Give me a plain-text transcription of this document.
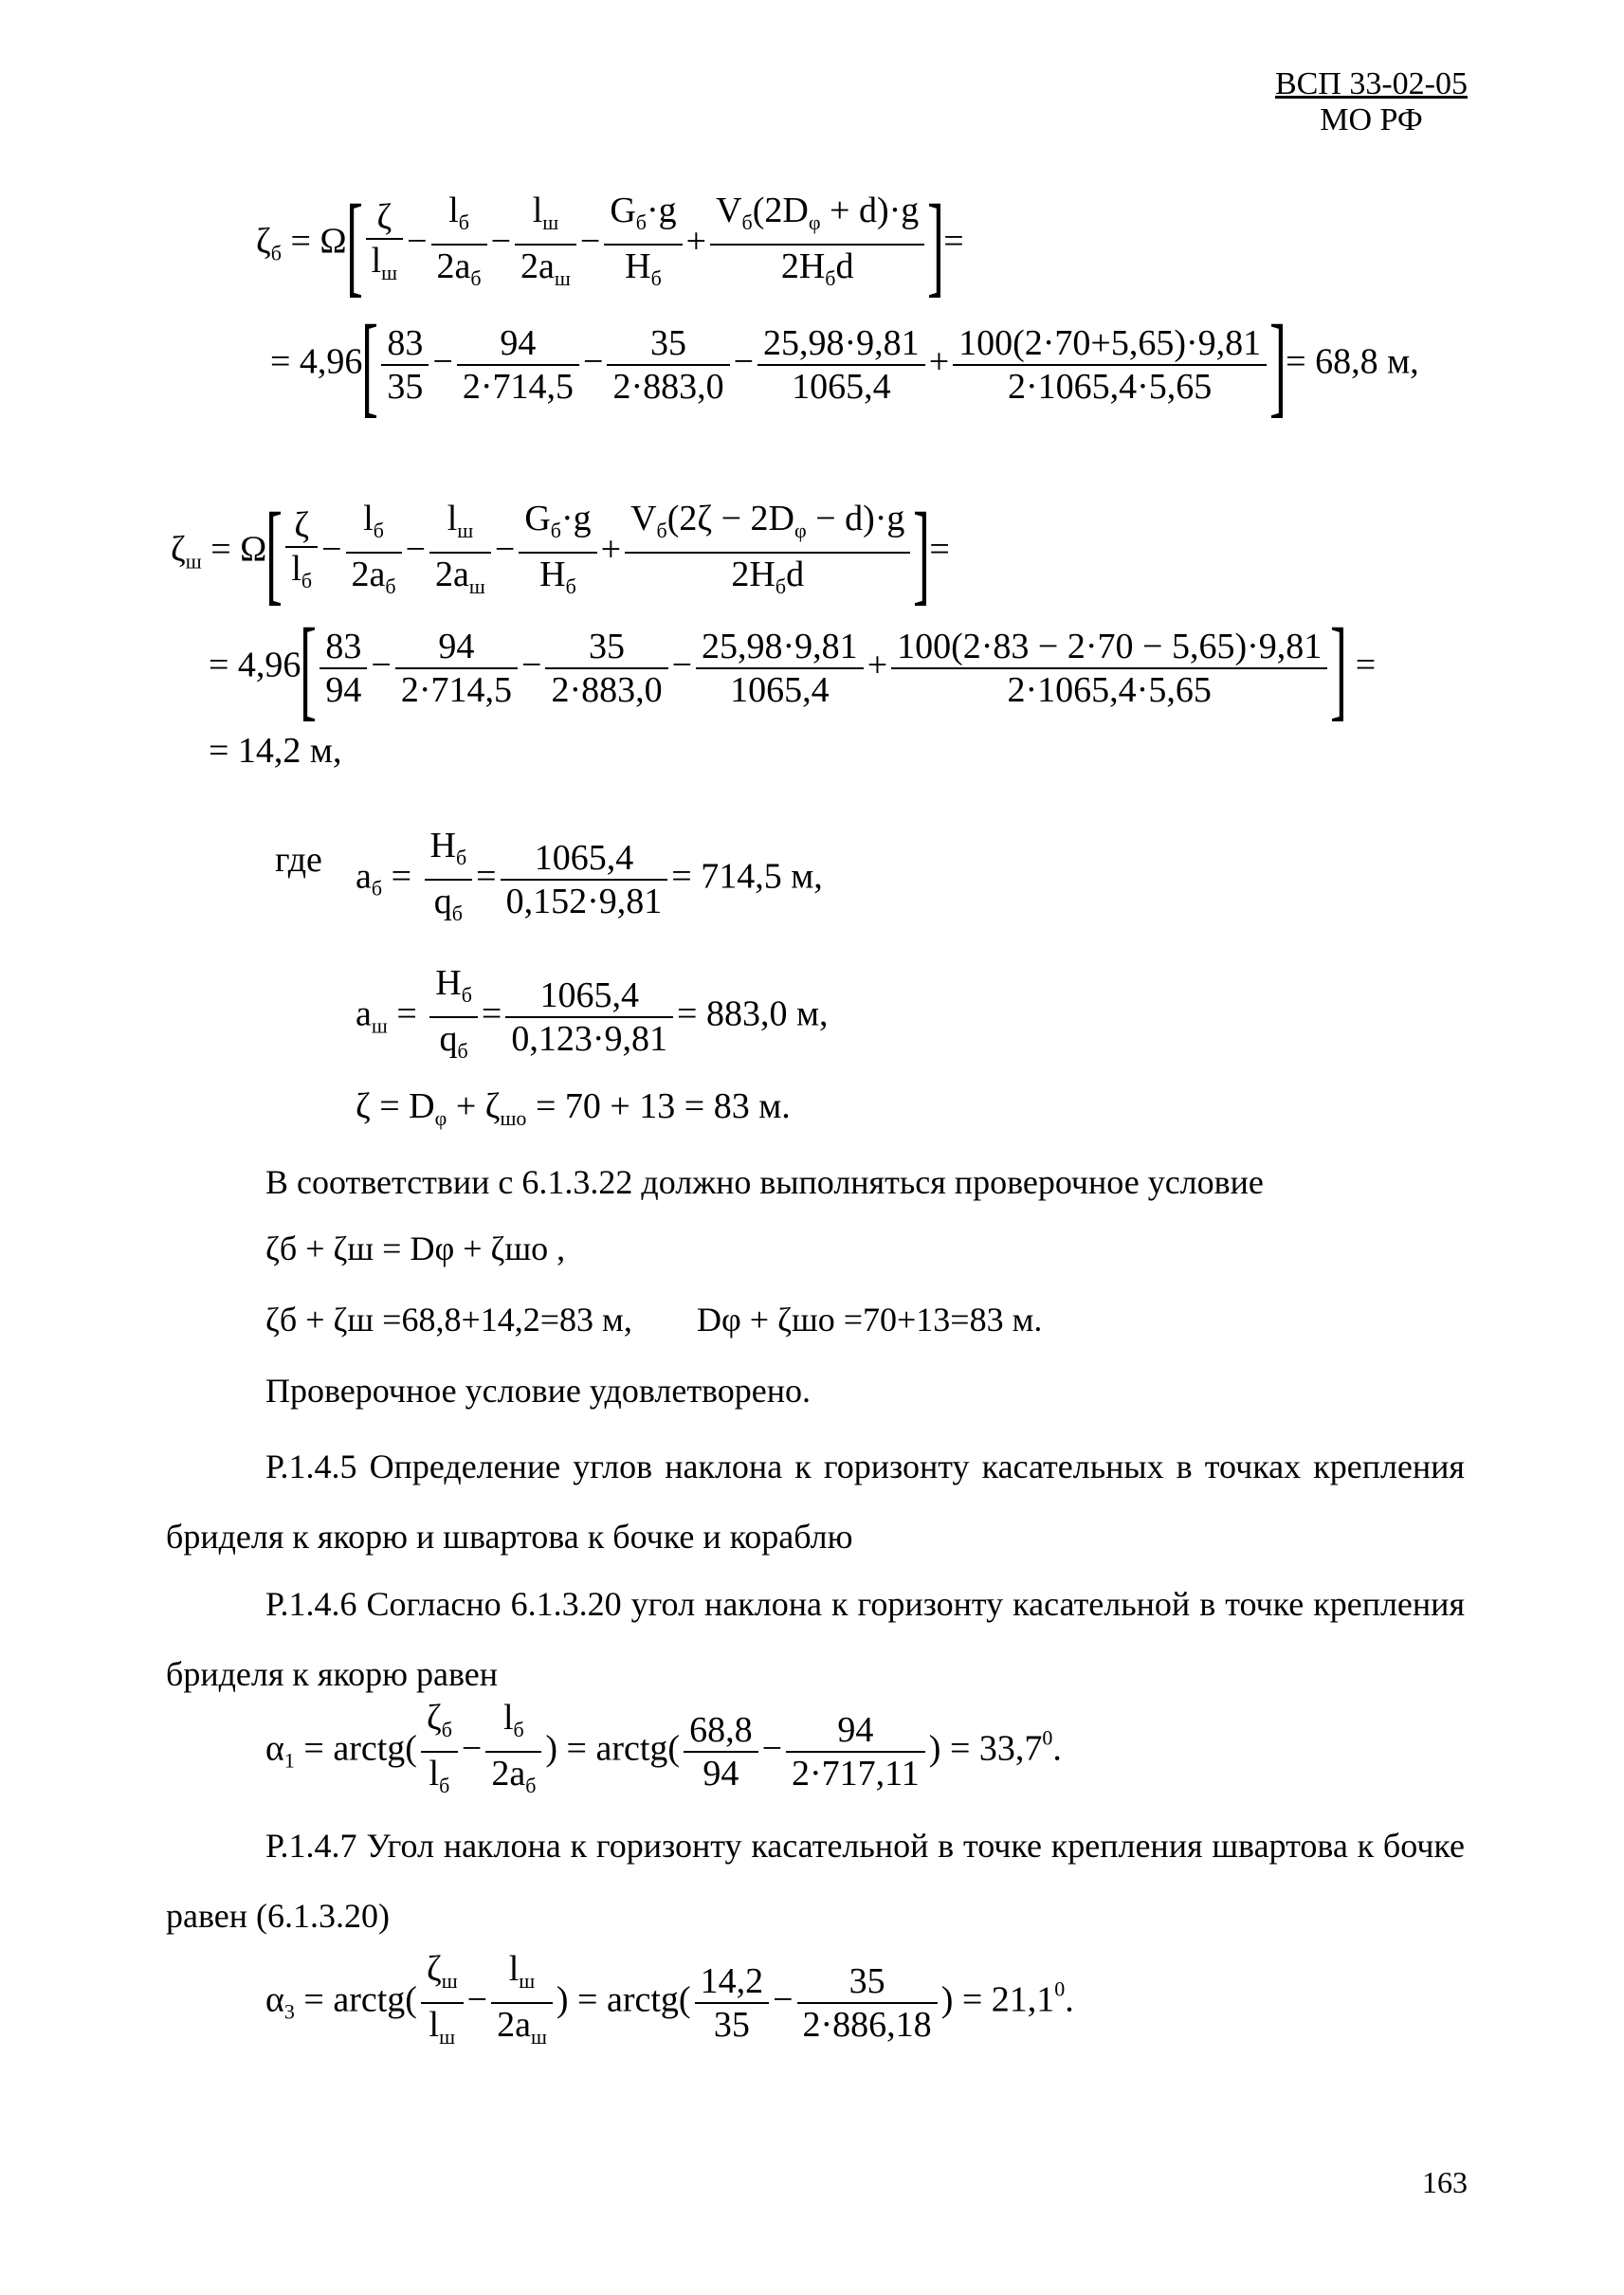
ВСП 33-02-05
МО РФ
$\zeta_б = \Omega[ \frac{\zeta}{l_ш} - \frac{l_б}{2a_б} - \frac{l_ш}{2a_ш} - \frac{G_б\cdot g}{H_б} + \frac{V_б(2D_\varphi + d)\cdot g}{2H_бd}$ ]=
= $4,96[ \frac{83}{35} - \frac{94}{2\cdot 714,5} - \frac{35}{2\cdot 883,0} - \frac{25,98\cdot 9,81}{1065,4} + \frac{100(2\cdot 70+5,65)\cdot 9,81}{2\cdot 1065,4\cdot 5,65}$ ]= 68,8 м,
$\zeta_ш = \Omega[ \frac{\zeta}{l_б} - \frac{l_б}{2a_б} - \frac{l_ш}{2a_ш} - \frac{G_б\cdot g}{H_б} + \frac{V_б(2\zeta - 2D_\varphi - d)\cdot g}{2H_бd}$ ]=
= $4,96[ \frac{83}{94} - \frac{94}{2\cdot 714,5} - \frac{35}{2\cdot 883,0} - \frac{25,98\cdot 9,81}{1065,4} + \frac{100(2\cdot 83 - 2\cdot 70 - 5,65)\cdot 9,81}{2\cdot 1065,4\cdot 5,65}$ ] =
= 14,2 м,
где $a_б = \frac{H_б}{q_б} = \frac{1065,4}{0,152\cdot 9,81} = 714,5$ м,
$a_ш = \frac{H_б}{q_б} = \frac{1065,4}{0,123\cdot 9,81} = 883,0$ м,
$\zeta = D_\varphi + \zeta_{шо} = 70 + 13 = 83$ м.
В соответствии с 6.1.3.22 должно выполняться проверочное условие
ζб + ζш = Dφ + ζшо ,
ζб + ζш =68,8+14,2=83 м, Dφ + ζшо =70+13=83 м.
Проверочное условие удовлетворено.
Р.1.4.5 Определение углов наклона к горизонту касательных в точках крепления бриделя к якорю и швартова к бочке и кораблю
Р.1.4.6 Согласно 6.1.3.20 угол наклона к горизонту касательной в точке крепления бриделя к якорю равен
$\alpha_1$ = arctg( $\frac{\zeta_б}{l_б} - \frac{l_б}{2a_б}$ ) = arctg( $\frac{68,8}{94} - \frac{94}{2\cdot 717,11}$ ) = $33,7^0$.
Р.1.4.7 Угол наклона к горизонту касательной в точке крепления швартова к бочке равен (6.1.3.20)
$\alpha_3$ = arctg( $\frac{\zeta_ш}{l_ш} - \frac{l_ш}{2a_ш}$ ) = arctg( $\frac{14,2}{35} - \frac{35}{2\cdot 886,18}$ ) = $21,1^0$.
163
